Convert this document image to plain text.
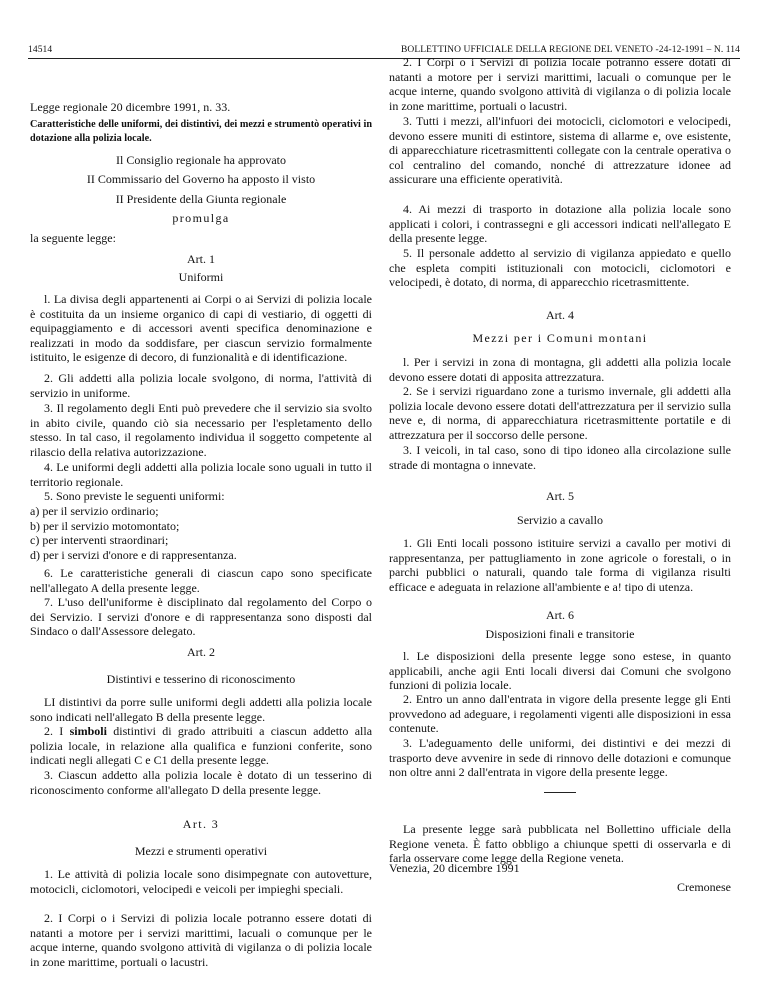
14514	BOLLETTINO UFFICIALE DELLA REGIONE DEL VENETO -24-12-1991 – N. 114

Legge regionale 20 dicembre 1991, n. 33.

Caratteristiche delle uniformi, dei distintivi, dei mezzi e strumentò operativi in dotazione alla polizia locale.

Il Consiglio regionale ha approvato

II Commissario del Governo ha apposto il visto

II Presidente della Giunta regionale

promulga

la seguente legge:

Art. 1

Uniformi

l. La divisa degli appartenenti ai Corpi o ai Servizi di polizia locale è costituita da un insieme organico di capi di vestiario, di oggetti di equipaggiamento e di accessori aventi specifica denominazione e realizzati in modo da soddisfare, per ciascun servizio formalmente istituito, le esigenze di decoro, di funzionalità e di identificazione.

2. Gli addetti alla polizia locale svolgono, di norma, l'attività di servizio in uniforme.

3. Il regolamento degli Enti può prevedere che il servizio sia svolto in abito civile, quando ciò sia necessario per l'espletamento dello stesso. In tal caso, il regolamento individua il soggetto competente al rilascio della relativa autorizzazione.

4. Le uniformi degli addetti alla polizia locale sono uguali in tutto il territorio regionale.

5. Sono previste le seguenti uniformi:

a) per il servizio ordinario;

b) per il servizio motomontato;

c) per interventi straordinari;

d) per i servizi d'onore e di rappresentanza.

6. Le caratteristiche generali di ciascun capo sono specificate nell'allegato A della presente legge.

7. L'uso dell'uniforme è disciplinato dal regolamento del Corpo o dei Servizio. I servizi d'onore e di rappresentanza sono disposti dal Sindaco o dall'Assessore delegato.

Art. 2

Distintivi e tesserino di riconoscimento

LI distintivi da porre sulle uniformi degli addetti alla polizia locale sono indicati nell'allegato B della presente legge.

2. I simboli distintivi di grado attribuiti a ciascun addetto alla polizia locale, in relazione alla qualifica e funzioni conferite, sono indicati negli allegati C e C1 della presente legge.

3. Ciascun addetto alla polizia locale è dotato di un tesserino di riconoscimento conforme all'allegato D della presente legge.

Art. 3

Mezzi e strumenti operativi

1. Le attività di polizia locale sono disimpegnate con autovetture, motocicli, ciclomotori, velocipedi e veicoli per impieghi speciali.

2. I Corpi o i Servizi di polizia locale potranno essere dotati di natanti a motore per i servizi marittimi, lacuali o comunque per le acque interne, quando svolgono attività di vigilanza o di polizia locale in zone marittime, portuali o lacustri.

2. I Corpi o i Servizi di polizia locale potranno essere dotati di natanti a motore per i servizi marittimi, lacuali o comunque per le acque interne, quando svolgono attività di vigilanza o di polizia locale in zone marittime, portuali o lacustri.

3. Tutti i mezzi, all'infuori dei motocicli, ciclomotori e velocipedi, devono essere muniti di estintore, sistema di allarme e, ove esistente, di apparecchiature ricetrasmittenti collegate con la centrale operativa o col centralino del comando, nonché di attrezzature idonee ad assicurare una efficiente operatività.

4. Ai mezzi di trasporto in dotazione alla polizia locale sono applicati i colori, i contrassegni e gli accessori indicati nell'allegato E della presente legge.

5. Il personale addetto al servizio di vigilanza appiedato e quello che espleta compiti istituzionali con motocicli, ciclomotori e velocipedi, è dotato, di norma, di apparecchio ricetrasmittente.

Art. 4

Mezzi per i Comuni montani

l. Per i servizi in zona di montagna, gli addetti alla polizia locale devono essere dotati di apposita attrezzatura.

2. Se i servizi riguardano zone a turismo invernale, gli addetti alla polizia locale devono essere dotati dell'attrezzatura per il servizio sulla neve e, di norma, di apparecchiatura ricetrasmittente portatile e di attrezzatura per il soccorso delle persone.

3. I veicoli, in tal caso, sono di tipo idoneo alla circolazione sulle strade di montagna o innevate.

Art. 5

Servizio a cavallo

1. Gli Enti locali possono istituire servizi a cavallo per motivi di rappresentanza, per pattugliamento in zone agricole o forestali, o in parchi pubblici o naturali, quando tale forma di vigilanza risulti efficace e adeguata in relazione all'ambiente e a! tipo di utenza.

Art. 6

Disposizioni finali e transitorie

l. Le disposizioni della presente legge sono estese, in quanto applicabili, anche agii Enti locali diversi dai Comuni che svolgono funzioni di polizia locale.

2. Entro un anno dall'entrata in vigore della presente legge gli Enti provvedono ad adeguare, i regolamenti vigenti alle disposizioni in essa contenute.

3. L'adeguamento delle uniformi, dei distintivi e dei mezzi di trasporto deve avvenire in sede di rinnovo delle dotazioni e comunque non oltre anni 2 dall'entrata in vigore della presente legge.

La presente legge sarà pubblicata nel Bollettino ufficiale della Regione veneta. È fatto obbligo a chiunque spetti di osservarla e di farla osservare come legge della Regione veneta.

Venezia, 20 dicembre 1991

Cremonese
